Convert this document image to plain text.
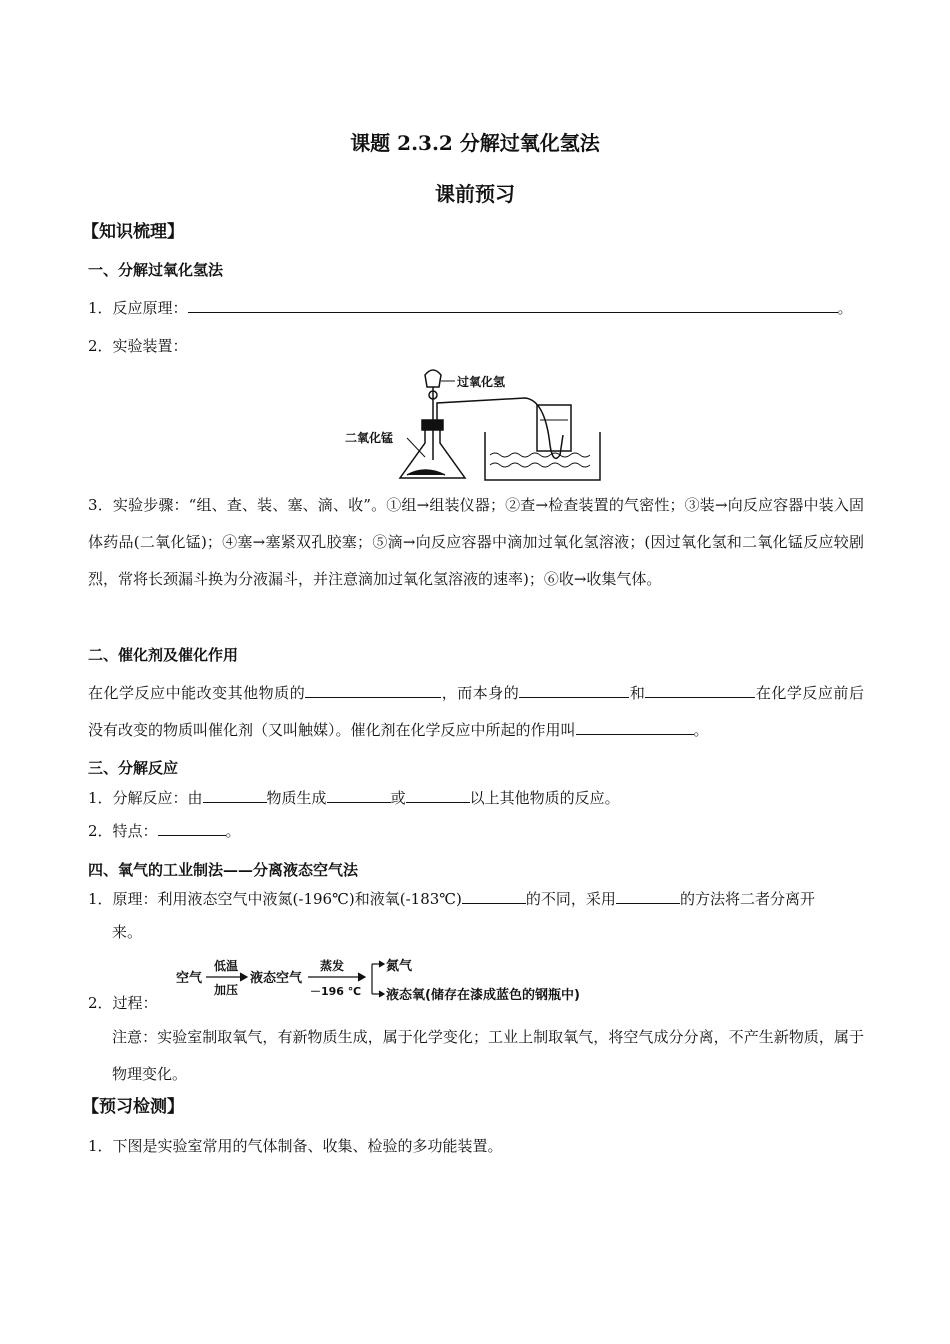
课题 2.3.2 分解过氧化氢法
课前预习
【知识梳理】
一、分解过氧化氢法
1．反应原理：	。
2．实验装置：
过氧化氢
二氧化锰
3．实验步骤：“组、查、装、塞、滴、收”。①组→组装仪器；②查→检查装置的气密性；③装→向反应容器中装入固体药品(二氧化锰)；④塞→塞紧双孔胶塞；⑤滴→向反应容器中滴加过氧化氢溶液；(因过氧化氢和二氧化锰反应较剧烈，常将长颈漏斗换为分液漏斗，并注意滴加过氧化氢溶液的速率)；⑥收→收集气体。
二、催化剂及催化作用
在化学反应中能改变其他物质的	，而本身的	和	在化学反应前后没有改变的物质叫催化剂（又叫触媒）。催化剂在化学反应中所起的作用叫	。
三、分解反应
1．分解反应：由	物质生成	或	以上其他物质的反应。
2．特点：	。
四、氧气的工业制法——分离液态空气法
1．原理：利用液态空气中液氮(-196℃)和液氧(-183℃)	的不同，采用	的方法将二者分离开
来。
2．过程：
空气
低温
加压
液态空气
蒸发
－196 ℃
氮气
液态氧(储存在漆成蓝色的钢瓶中)
注意：实验室制取氧气，有新物质生成，属于化学变化；工业上制取氧气，将空气成分分离，不产生新物质，属于物理变化。
【预习检测】
1．下图是实验室常用的气体制备、收集、检验的多功能装置。
